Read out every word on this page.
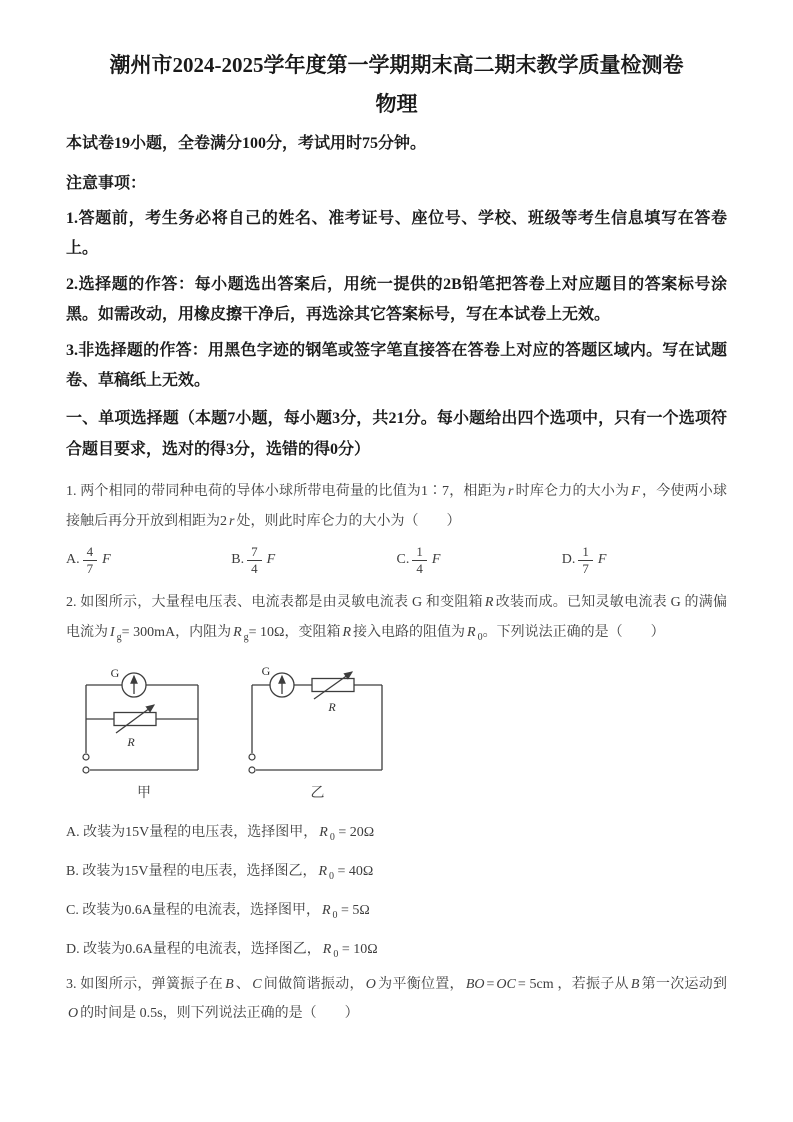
潮州市2024-2025学年度第一学期期末高二期末教学质量检测卷
物理
本试卷19小题，全卷满分100分，考试用时75分钟。
注意事项：
1.答题前，考生务必将自己的姓名、准考证号、座位号、学校、班级等考生信息填写在答卷上。
2.选择题的作答：每小题选出答案后，用统一提供的2B铅笔把答卷上对应题目的答案标号涂黑。如需改动，用橡皮擦干净后，再选涂其它答案标号，写在本试卷上无效。
3.非选择题的作答：用黑色字迹的钢笔或签字笔直接答在答卷上对应的答题区域内。写在试题卷、草稿纸上无效。
一、单项选择题（本题7小题，每小题3分，共21分。每小题给出四个选项中，只有一个选项符合题目要求，选对的得3分，选错的得0分）

1. 两个相同的带同种电荷的导体小球所带电荷量的比值为1∶7，相距为 r 时库仑力的大小为 F ，今使两小球接触后再分开放到相距为2 r 处，则此时库仑力的大小为（　　）

A. $\frac{4}{7}$ F	B. $\frac{7}{4}$ F	C. $\frac{1}{4}$ F	D. $\frac{1}{7}$ F

2. 如图所示，大量程电压表、电流表都是由灵敏电流表 G 和变阻箱 R 改装而成。已知灵敏电流表 G 的满偏电流为 I $_g$= 300mA，内阻为 R $_g$= 10Ω，变阻箱 R 接入电路的阻值为 R $_0$。下列说法正确的是（　　）

G
R
甲
G
R
乙
A. 改装为15V量程的电压表，选择图甲， R $_0$ = 20Ω
B. 改装为15V量程的电压表，选择图乙， R $_0$ = 40Ω
C. 改装为0.6A量程的电流表，选择图甲， R $_0$ = 5Ω
D. 改装为0.6A量程的电流表，选择图乙， R $_0$ = 10Ω

3. 如图所示，弹簧振子在 B 、 C 间做简谐振动， O 为平衡位置， BO = OC = 5cm ，若振子从 B 第一次运动到O 的时间是 0.5s，则下列说法正确的是（　　）
